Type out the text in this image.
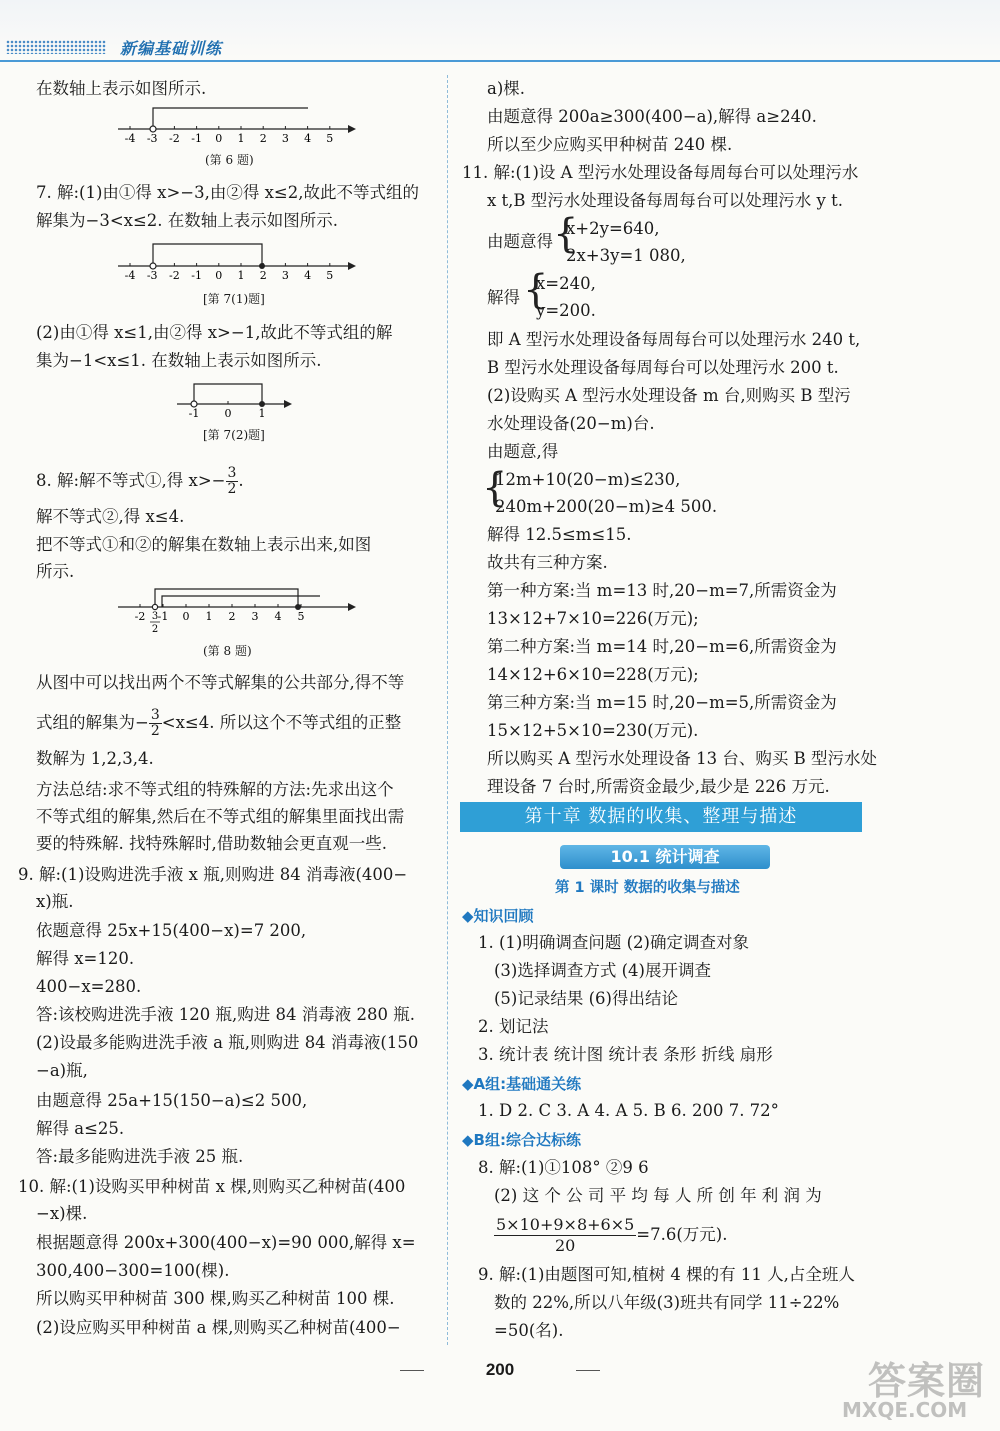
新编基础训练
在数轴上表示如图所示.
-4 -3 -2 -1 0 1 2 3 4 5
(第 6 题)
7. 解:(1)由①得 x>−3,由②得 x≤2,故此不等式组的
解集为−3<x≤2. 在数轴上表示如图所示.
-4 -3 -2 -1 0 1 2 3 4 5
[第 7(1)题]
(2)由①得 x≤1,由②得 x>−1,故此不等式组的解
集为−1<x≤1. 在数轴上表示如图所示.
-1 0 1
[第 7(2)题]
8. 解:解不等式①,得 $x>- \frac{3}{2}$ .
解不等式②,得 x≤4.
把不等式①和②的解集在数轴上表示出来,如图
所示.
-2 -1 0 1 2 3 4 5
3
2
(第 8 题)
从图中可以找出两个不等式解集的公共部分,得不等
式组的解集为− $\frac{3}{2} <x\le 4$. 所以这个不等式组的正整
数解为 1,2,3,4.
方法总结:求不等式组的特殊解的方法:先求出这个
不等式组的解集,然后在不等式组的解集里面找出需
要的特殊解. 找特殊解时,借助数轴会更直观一些.
9. 解:(1)设购进洗手液 x 瓶,则购进 84 消毒液(400−
x)瓶.
依题意得 25x+15(400−x)=7 200,
解得 x=120.
400−x=280.
答:该校购进洗手液 120 瓶,购进 84 消毒液 280 瓶.
(2)设最多能购进洗手液 a 瓶,则购进 84 消毒液(150
−a)瓶,
由题意得 25a+15(150−a)≤2 500,
解得 a≤25.
答:最多能购进洗手液 25 瓶.
10. 解:(1)设购买甲种树苗 x 棵,则购买乙种树苗(400
−x)棵.
根据题意得 200x+300(400−x)=90 000,解得 x=
300,400−300=100(棵).
所以购买甲种树苗 300 棵,购买乙种树苗 100 棵.
(2)设应购买甲种树苗 a 棵,则购买乙种树苗(400−
a)棵.
由题意得 200a≥300(400−a),解得 a≥240.
所以至少应购买甲种树苗 240 棵.
11. 解:(1)设 A 型污水处理设备每周每台可以处理污水
x t,B 型污水处理设备每周每台可以处理污水 y t.
由题意得 {
x+2y=640,
2x+3y=1 080,
解得 {
x=240,
y=200.
即 A 型污水处理设备每周每台可以处理污水 240 t,
B 型污水处理设备每周每台可以处理污水 200 t.
(2)设购买 A 型污水处理设备 m 台,则购买 B 型污
水处理设备(20−m)台.
由题意,得
{
12m+10(20−m)≤230,
240m+200(20−m)≥4 500.
解得 12.5≤m≤15.
故共有三种方案.
第一种方案:当 m=13 时,20−m=7,所需资金为
13×12+7×10=226(万元);
第二种方案:当 m=14 时,20−m=6,所需资金为
14×12+6×10=228(万元);
第三种方案:当 m=15 时,20−m=5,所需资金为
15×12+5×10=230(万元).
所以购买 A 型污水处理设备 13 台、购买 B 型污水处
理设备 7 台时,所需资金最少,最少是 226 万元.
第十章 数据的收集、整理与描述
10.1 统计调查
第 1 课时 数据的收集与描述
◆知识回顾
1. (1)明确调查问题 (2)确定调查对象
(3)选择调查方式 (4)展开调查
(5)记录结果 (6)得出结论
2. 划记法
3. 统计表 统计图 统计表 条形 折线 扇形
◆A组:基础通关练
1. D 2. C 3. A 4. A 5. B 6. 200 7. 72°
◆B组:综合达标练
8. 解:(1)①108° ②9 6
(2) 这 个 公 司 平 均 每 人 所 创 年 利 润 为
$\frac{5\times 10+9\times 8+6\times 5}{20} =7.6$(万元).
9. 解:(1)由题图可知,植树 4 棵的有 11 人,占全班人
数的 22%,所以八年级(3)班共有同学 11÷22%
=50(名).
200	答案圈
MXQE.COM
